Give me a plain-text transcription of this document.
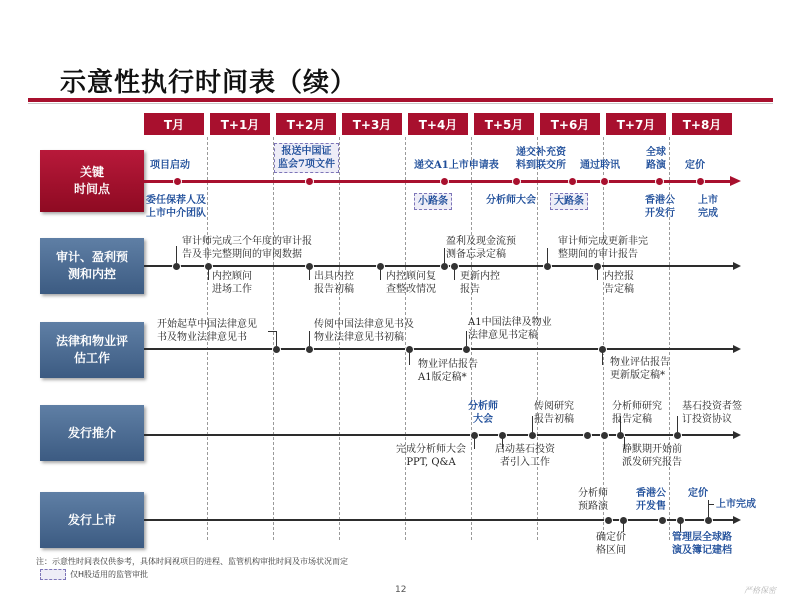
示意性执行时间表（续）
T月	T+1月	T+2月	T+3月	T+4月	T+5月	T+6月	T+7月	T+8月
关键
时间点
审计、盈利预
测和内控
法律和物业评
估工作
发行推介
发行上市
项目启动
报送中国证
监会7项文件	递交A1上市申请表
递交补充资
料到联交所 通过聆讯
全球
路演 定价
委任保荐人及
上市中介团队
小路条	分析师大会	大路条	香港公
开发行
上市
完成
审计师完成三个年度的审计报
告及非完整期间的审阅数据
内控顾问
进场工作
出具内控
报告初稿
内控顾问复
查整改情况
盈利及现金流预
测备忘录定稿
更新内控
报告
审计师完成更新非完
整期间的审计报告
内控报
告定稿
开始起草中国法律意见
书及物业法律意见书
传阅中国法律意见书及
物业法律意见书初稿
A1中国法律及物业
法律意见书定稿
物业评估报告
A1版定稿*
物业评估报告
更新版定稿*
分析师
大会
传阅研究
报告初稿
分析师研究
报告定稿
基石投资者签
订投资协议
完成分析师大会
PPT, Q&A
启动基石投资
者引入工作
静默期开始前
派发研究报告
分析师
预路演
香港公
开发售
定价
上市完成
确定价
格区间
管理层全球路
演及簿记建档
注：示意性时间表仅供参考，具体时间视项目的进程、监管机构审批时间及市场状况而定
仅H股适用的监管审批
12	严格保密
